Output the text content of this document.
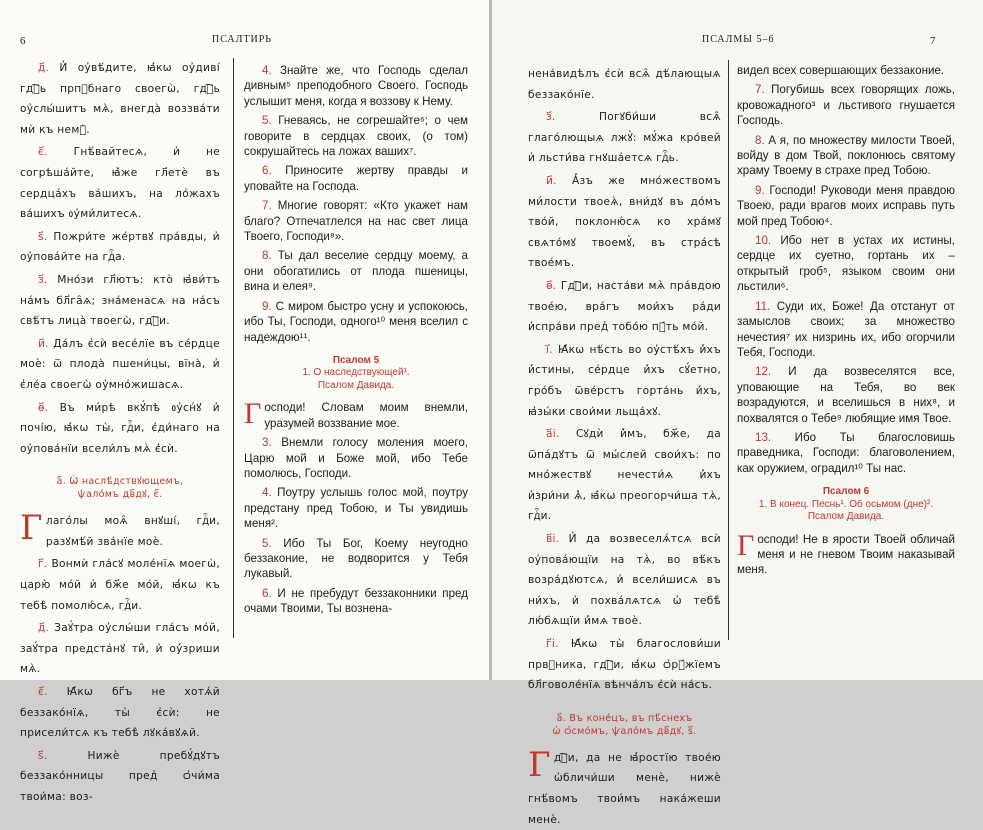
6	ПСАЛТИРЬ

д҃. И҆ оу҆вѣ́дите, ꙗ҆́кѡ оу҆диві́ гдⷭ҇ь прпⷣбнаго своегѡ̀, гдⷭ҇ь оу҆слы́шитъ мѧ̀, внегда̀ воззва́ти мѝ къ немꙋ̀.

є҃. Гнѣ́вайтесѧ, и҆ не согрѣша́йте, ꙗ҆̀же гл҃етѐ въ сердца́хъ ва́шихъ, на ло́жахъ ва́шихъ ᲂу҆ми́литесѧ.

ѕ҃. Пожри́те же́ртвꙋ пра́вды, и҆ оу҆пова́йте на гдⷭ҇а.

з҃. Мно́зи гл҃ютъ: кто̀ ꙗ҆ви́тъ на́мъ бл҃га̑ѧ; зна́менасѧ на на́съ свѣ́тъ лица̀ твоегѡ̀, гдⷭ҇и.

и҃. Да́лъ є҆сѝ весе́лїе въ се́рдце моѐ: ѿ плода̀ пшени́цы, вїна̀, и҆ є҆ле́а своегѡ̀ оу҆мно́жишасѧ.

ѳ҃. Въ ми́рѣ вкꙋ́пѣ ᲂу҆сн́ꙋ и҆ почі́ю, ꙗ҆́кѡ ты̀, гдⷭ҇и, є҆ди́наго на оу҆пова́нїи всели́лъ мѧ̀ є҆сѝ.

а҃. Ѡ҆ наслѣ́дствꙋющемъ,
ѱало́мъ дв҃дꙋ, є҃.

Глаго́лы моѧ̑ внꙋші́, гдⷭ҇и, разꙋмѣ́й зва́нїе моѐ.

г҃. Вонмѝ гла́сꙋ моле́нїѧ моегѡ̀, царю̀ мо́й и҆ бж҃е мо́й, ꙗ҆́кѡ къ тебѣ̀ помолю́сѧ, гдⷭ҇и.

д҃. Заꙋ́тра оу҆слы́ши гла́съ мо́й, заꙋ́тра предста́нꙋ ти̑, и҆ оу҆́зриши мѧ̀.

є҃. Ꙗ҆́кѡ бг҃ъ не хотѧ́й беззако́нїѧ, ты̀ є҆сѝ: не присели́тсѧ къ тебѣ̀ лꙋка́вꙋѧй.

ѕ҃. Нижѐ пребꙋ́дꙋтъ беззако́нницы пред̾ ѻ҆чи́ма твои́ма: воз-

4. Знайте же, что Господь сделал дивным⁵ преподобного Своего. Господь услышит меня, когда я воззову к Нему.

5. Гневаясь, не согрешайте⁶; о чем говорите в сердцах своих, (о том) сокрушайтесь на ложах ваших⁷.

6. Приносите жертву правды и уповайте на Господа.

7. Многие говорят: «Кто укажет нам благо? Отпечатлелся на нас свет лица Твоего, Господи⁸».

8. Ты дал веселие сердцу моему, а они обогатились от плода пшеницы, вина и елея⁹.

9. С миром быстро усну и успокоюсь, ибо Ты, Господи, одного¹⁰ меня вселил с надеждою¹¹.

Псалом 5
1. О наследствующей¹.
Псалом Давида.

Господи! Словам моим внемли, уразумей воззвание мое.

3. Внемли голосу моления моего, Царю мой и Боже мой, ибо Тебе помолюсь, Господи.

4. Поутру услышь голос мой, поутру предстану пред Тобою, и Ты увидишь меня².

5. Ибо Ты Бог, Коему неугодно беззаконие, не водворится у Тебя лукавый.

6. И не пребудут беззаконники пред очами Твоими, Ты вознена-

ПСАЛМЫ 5–6	7

нена́видѣлъ є҆сѝ всѧ̑ дѣ́лающыѧ беззако́нїе.

з҃. Погꙋби́ши всѧ̑ глаго́лющыѧ лжꙋ̀: мꙋ́жа кро́вей и҆ льсти́ва гнꙋша́етсѧ гдⷭ҇ь.

и҃. А҆́зъ же мно́жествомъ ми́лости твоеѧ̀, вни́дꙋ въ до́мъ тво́й, поклоню́сѧ ко хра́мꙋ свѧто́мꙋ твоемꙋ̀, въ стра́сѣ твое́мъ.

ѳ҃. Гдⷭ҇и, наста́ви мѧ̀ пра́вдою твое́ю, вра́гъ мои́хъ ра́ди и҆спра́ви пред̾ тобо́ю пꙋ́ть мо́й.

і҃. Ꙗ҆́кѡ нѣ́сть во оу҆стѣ́хъ и҆́хъ и҆́стины, се́рдце и҆́хъ сꙋ́етно, гро́бъ ѿве́рстъ горта́нь и҆́хъ, ꙗ҆зы́ки свои́ми льща́хꙋ.

а҃і. Сꙋдѝ и҆̀мъ, бж҃е, да ѿпа́дꙋтъ ѿ мы́слей свои́хъ: по мно́жествꙋ нечести́ѧ и҆́хъ и҆зри́ни ѧ҆̀, ꙗ҆́кѡ преогорчи́ша тѧ̀, гдⷭ҇и.

в҃і. И҆ да возвеселѧ́тсѧ всѝ оу҆пова́ющїи на тѧ̀, во вѣ́къ возра́дꙋютсѧ, и҆ всели́шисѧ въ ни́хъ, и҆ похва́лѧтсѧ ѡ҆ тебѣ̀ лю́бѧщїи и҆́мѧ твоѐ.

г҃і. Ꙗ҆́кѡ ты̀ благослови́ши првⷣника, гдⷭ҇и, ꙗ҆́кѡ ѻ҆рꙋ́жїемъ бл҃говоле́нїѧ вѣнча́лъ є҆сѝ на́съ.

а҃. Въ коне́цъ, въ пѣ́снехъ
ѡ҆ ѻ҆смо́мъ, ѱало́мъ дв҃дꙋ, ѕ҃.

Гдⷭ҇и, да не ꙗ҆́ростїю твое́ю ѡ҆бличи́ши менѐ, нижѐ гнѣ́вомъ твои́мъ нака́жеши менѐ.

видел всех совершающих беззаконие.

7. Погубишь всех говорящих ложь, кровожадного³ и льстивого гнушается Господь.

8. А я, по множеству милости Твоей, войду в дом Твой, поклонюсь святому храму Твоему в страхе пред Тобою.

9. Господи! Руководи меня правдою Твоею, ради врагов моих исправь путь мой пред Тобою⁴.

10. Ибо нет в устах их истины, сердце их суетно, гортань их – открытый гроб⁵, языком своим они льстили⁶.

11. Суди их, Боже! Да отстанут от замыслов своих; за множество нечестия⁷ их низринь их, ибо огорчили Тебя, Господи.

12. И да возвеселятся все, уповающие на Тебя, во век возрадуются, и вселишься в них⁸, и похвалятся о Тебе⁹ любящие имя Твое.

13. Ибо Ты благословишь праведника, Господи: благоволением, как оружием, оградил¹⁰ Ты нас.

Псалом 6
1. В конец. Песнь¹. Об осьмом (дне)².
Псалом Давида.

Господи! Не в ярости Твоей обличай меня и не гневом Твоим наказывай меня.
